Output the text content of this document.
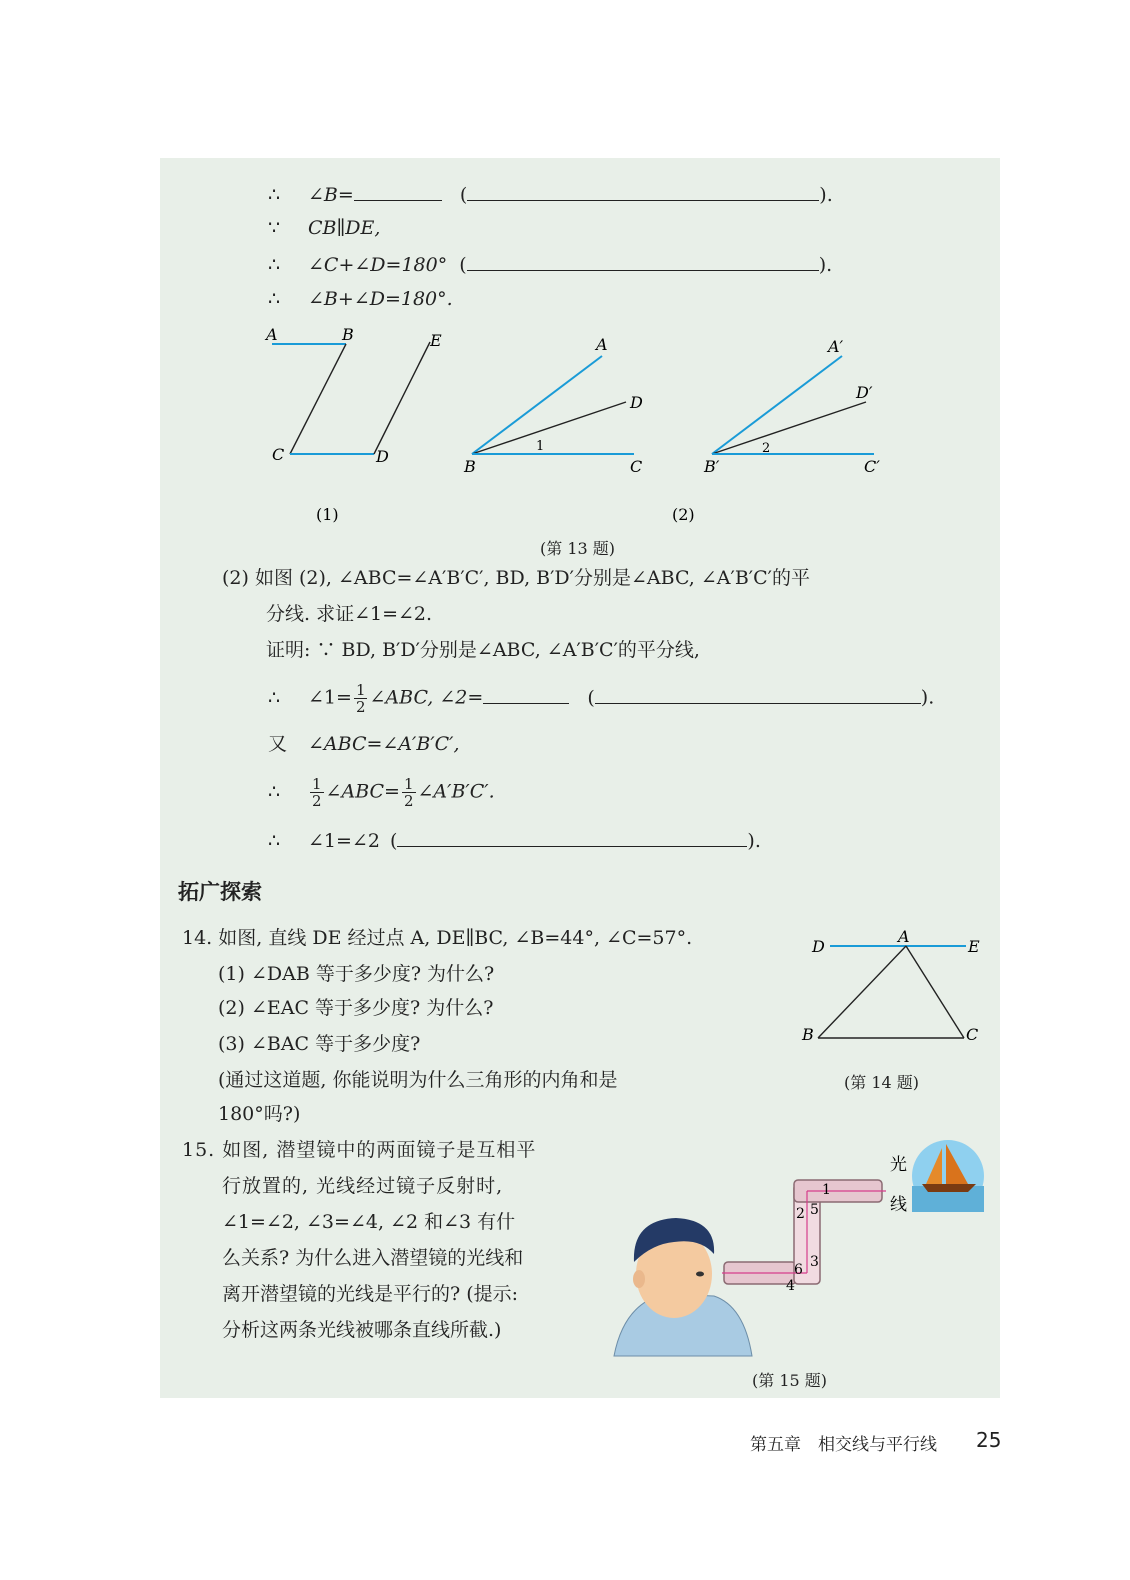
∴ ∠B=	(	).
∵ CB∥DE,
∴ ∠C+∠D=180° (	).
∴ ∠B+∠D=180°.
A	B	E
C	D
(1)
A
D
B	C
1
A′
D′
B′	C′
2
(2)
(第 13 题)
(2) 如图 (2), ∠ABC=∠A′B′C′, BD, B′D′分别是∠ABC, ∠A′B′C′的平
分线. 求证∠1=∠2.
证明: ∵ BD, B′D′分别是∠ABC, ∠A′B′C′的平分线,
∴ ∠1= $\frac{1}{2}$ ∠ABC, ∠2=	(	).
又 ∠ABC=∠A′B′C′,
∴ $\frac{1}{2}$ ∠ABC= $\frac{1}{2}$ ∠A′B′C′.
∴ ∠1=∠2 (	).
拓广探索
14. 如图, 直线 DE 经过点 A, DE∥BC, ∠B=44°, ∠C=57°.
(1) ∠DAB 等于多少度? 为什么?
(2) ∠EAC 等于多少度? 为什么?
(3) ∠BAC 等于多少度?
(通过这道题, 你能说明为什么三角形的内角和是
180°吗?)
D
A
E
B	C
(第 14 题)
15. 如图, 潜望镜中的两面镜子是互相平
行放置的, 光线经过镜子反射时,
∠1=∠2, ∠3=∠4, ∠2 和∠3 有什
么关系? 为什么进入潜望镜的光线和
离开潜望镜的光线是平行的? (提示:
分析这两条光线被哪条直线所截.)
1
2
3
4
5
6
光
线
(第 15 题)
第五章　相交线与平行线 25
